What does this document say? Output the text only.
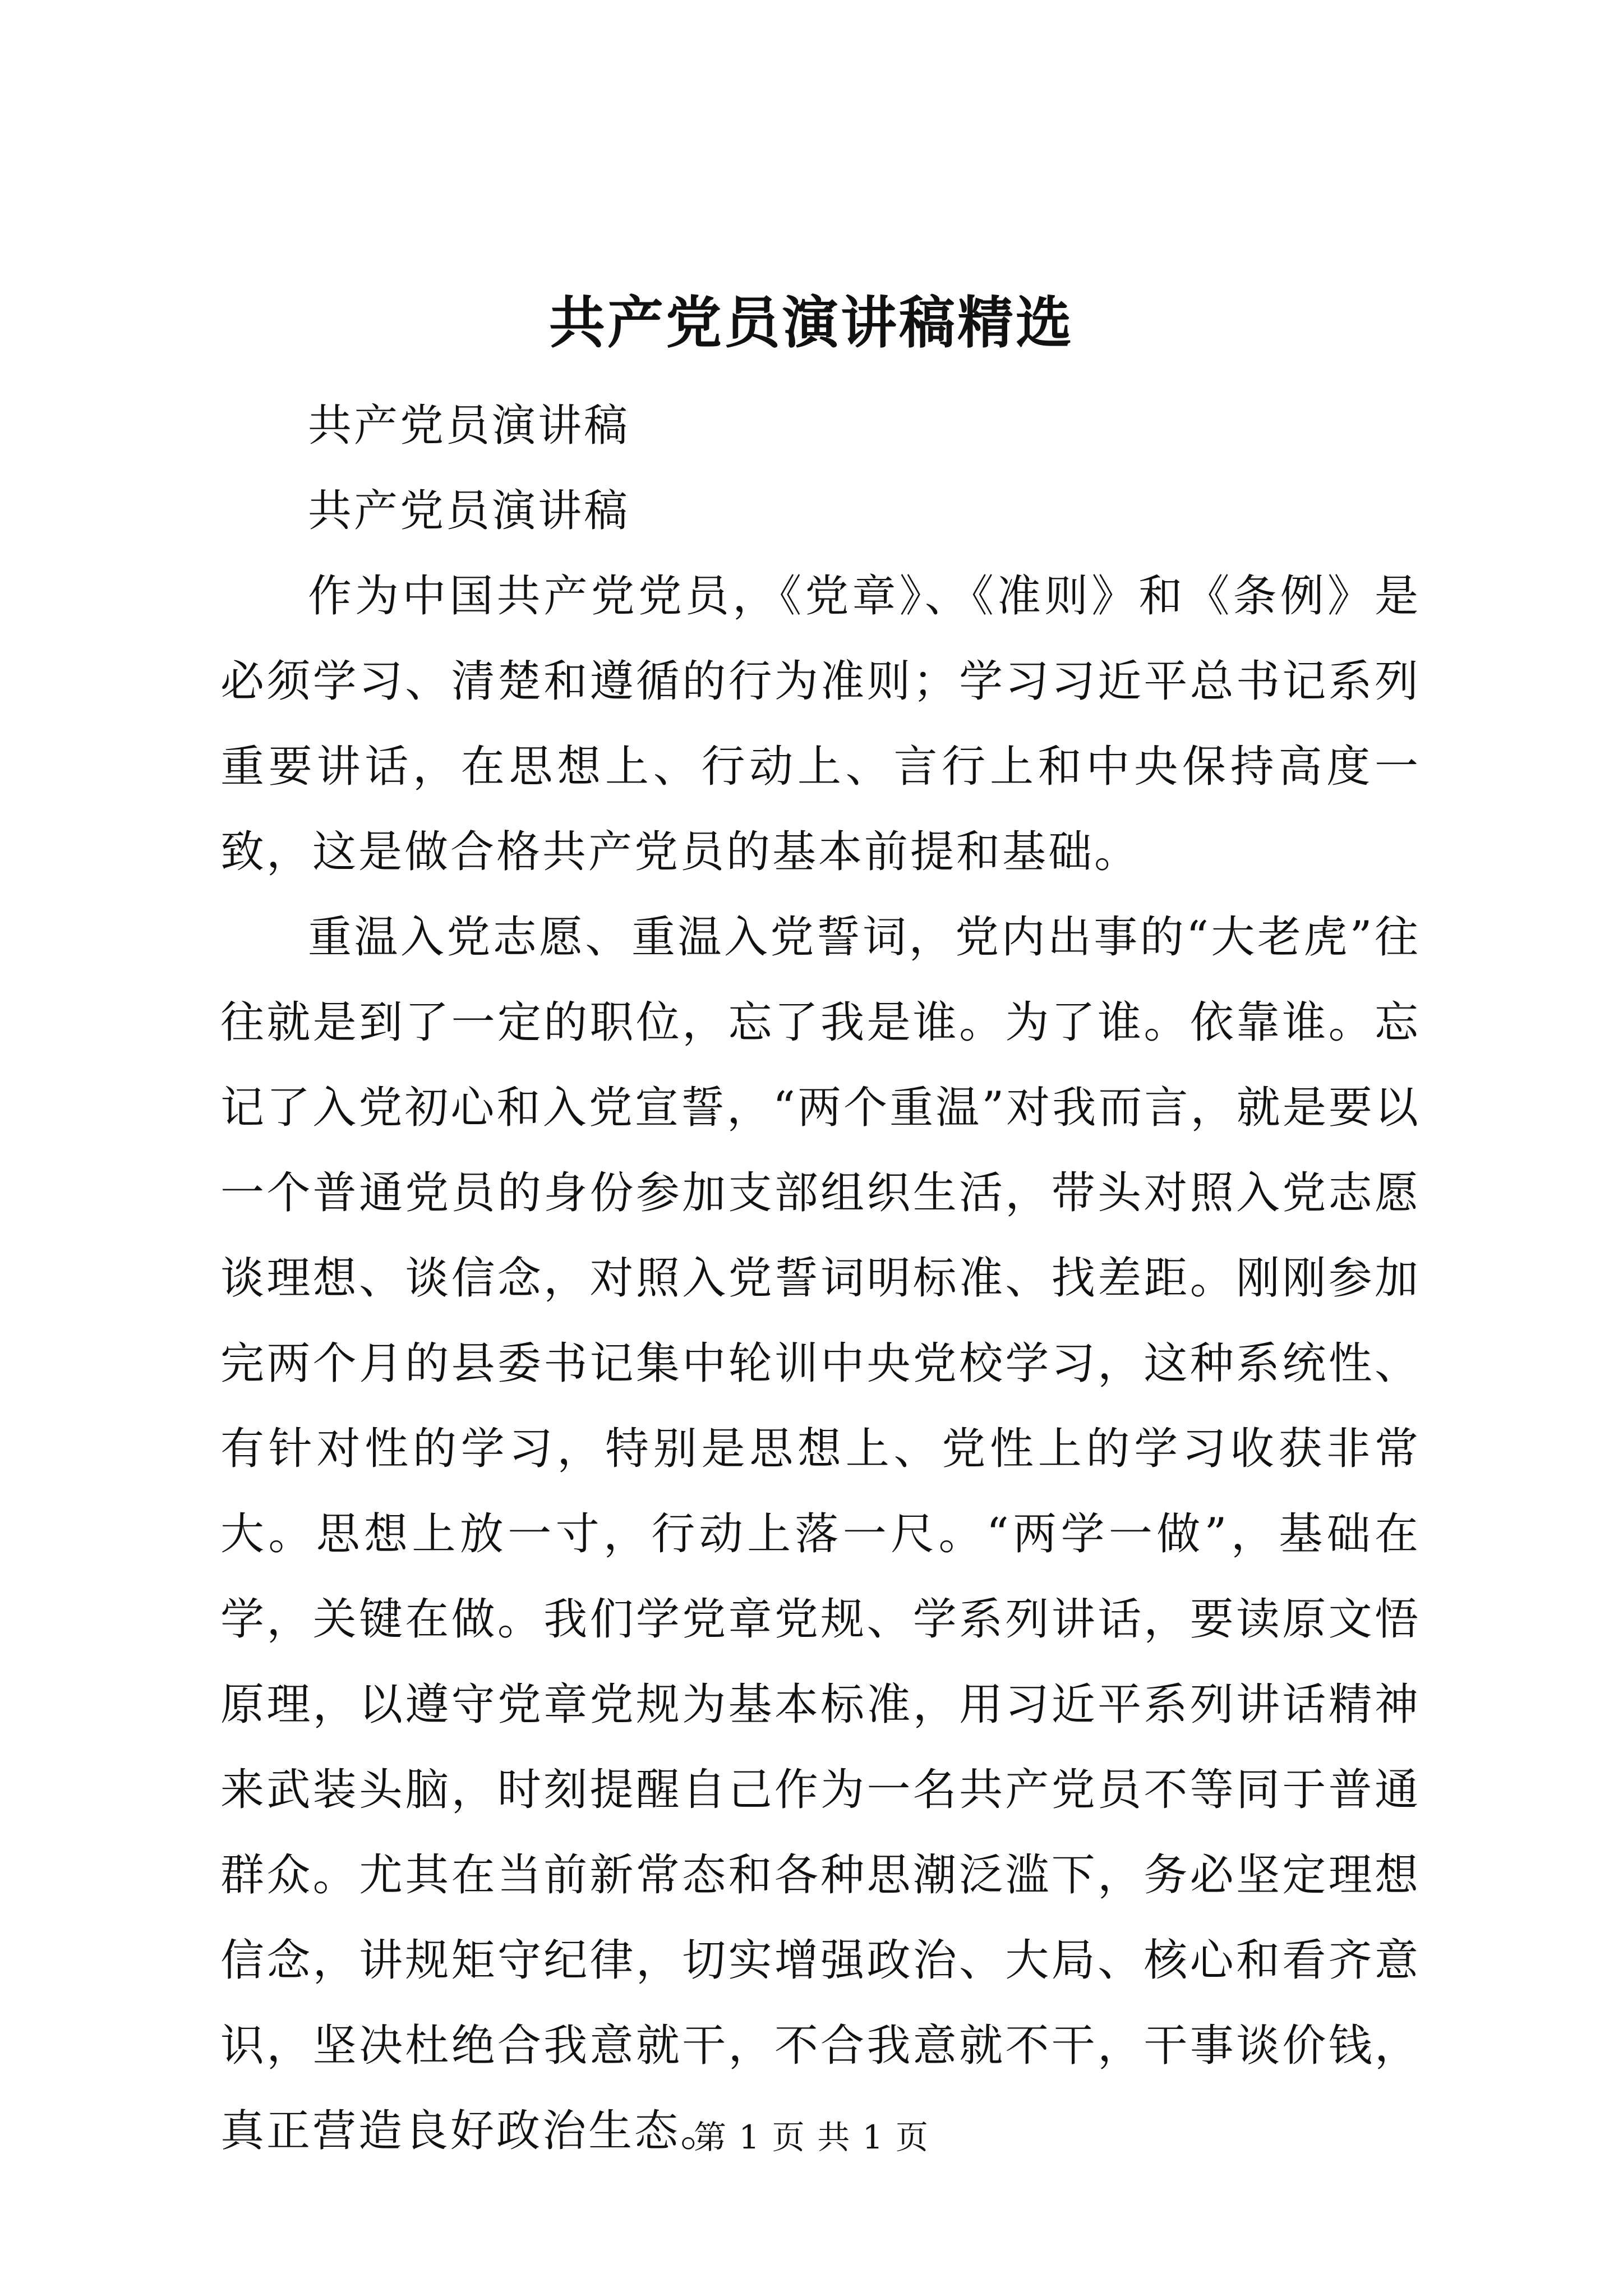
共产党员演讲稿精选

共产党员演讲稿

共产党员演讲稿

作为中国共产党党员，《党章》、《准则》和《条例》是必须学习、清楚和遵循的行为准则；学习习近平总书记系列重要讲话，在思想上、行动上、言行上和中央保持高度一致，这是做合格共产党员的基本前提和基础。

重温入党志愿、重温入党誓词，党内出事的“大老虎”往往就是到了一定的职位，忘了我是谁。为了谁。依靠谁。忘记了入党初心和入党宣誓，“两个重温”对我而言，就是要以一个普通党员的身份参加支部组织生活，带头对照入党志愿谈理想、谈信念，对照入党誓词明标准、找差距。刚刚参加完两个月的县委书记集中轮训中央党校学习，这种系统性、有针对性的学习，特别是思想上、党性上的学习收获非常大。思想上放一寸，行动上落一尺。“两学一做”，基础在学，关键在做。我们学党章党规、学系列讲话，要读原文悟原理，以遵守党章党规为基本标准，用习近平系列讲话精神来武装头脑，时刻提醒自己作为一名共产党员不等同于普通群众。尤其在当前新常态和各种思潮泛滥下，务必坚定理想信念，讲规矩守纪律，切实增强政治、大局、核心和看齐意识，坚决杜绝合我意就干，不合我意就不干，干事谈价钱，真正营造良好政治生态。

第 1 页 共 1 页
